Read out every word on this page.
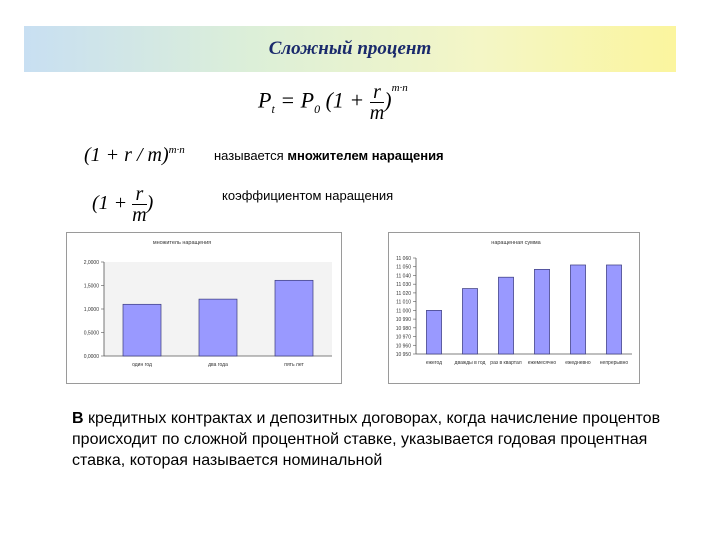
Сложный процент
$P_t = P_0$ $(1 + \frac{r}{m} )^{m\cdot n}$
$(1 + r / m)^{m\cdot n}$ называется множителем наращения
($1 + \frac{r}{m}$ )	коэффициентом наращения
множитель наращения
0,0000
0,5000
1,0000
1,5000
2,0000
один год	два года	пять лет
наращенная сумма
10 950
10 960
10 970
10 980
10 990
11 000
11 010
11 020
11 030
11 040
11 050
11 060
ежегод дважды в год раз в квартал ежемесячно ежедневно непрерывно
В кредитных контрактах и депозитных договорах, когда начисление процентов происходит по сложной процентной ставке, указывается годовая процентная ставка, которая называется номинальной
